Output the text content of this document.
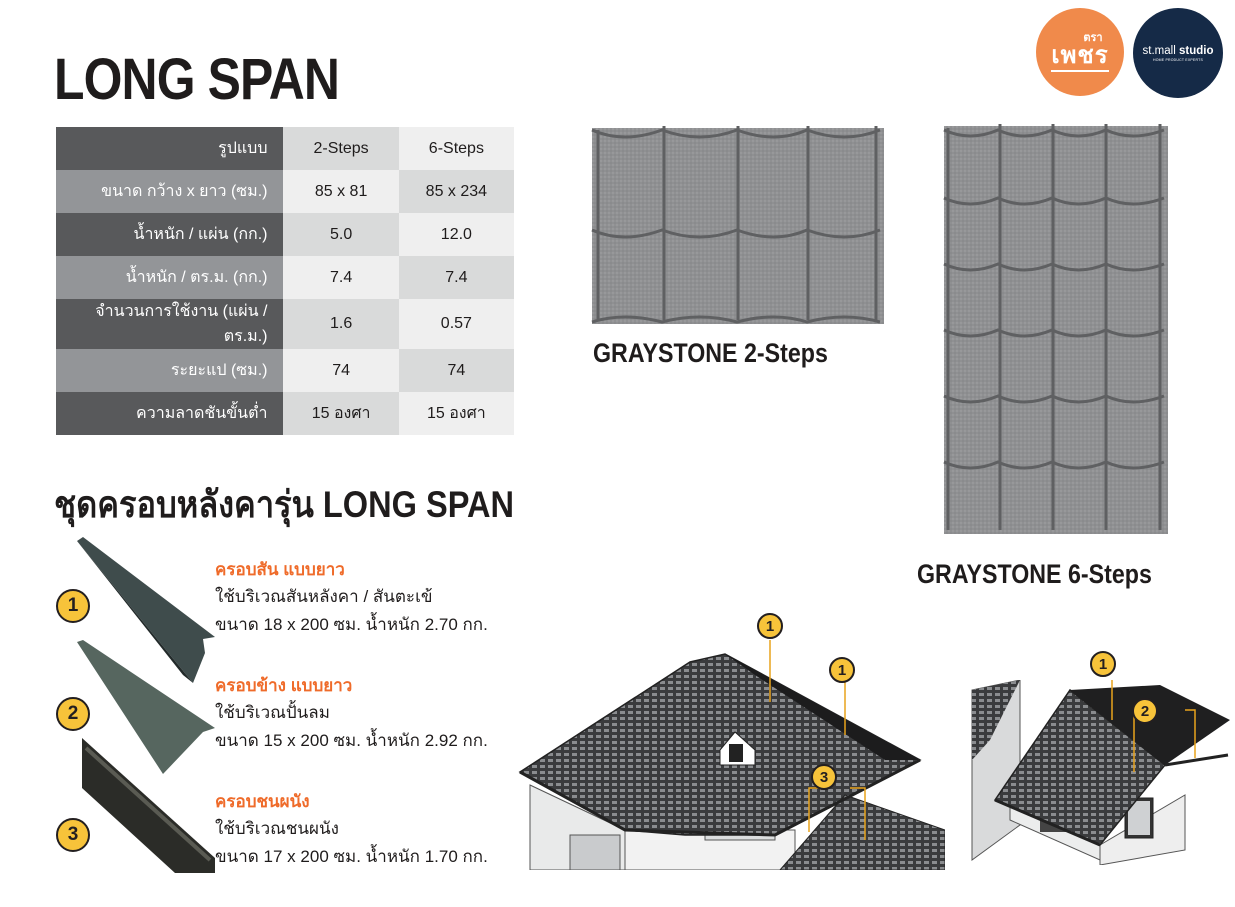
LONG SPAN
ตรา
เพชร	st.mall studio
HOME PRODUCT EXPERTS
รูปแบบ	2-Steps	6-Steps
ขนาด กว้าง x ยาว (ซม.)	85 x 81	85 x 234
น้ำหนัก / แผ่น (กก.)	5.0	12.0
น้ำหนัก / ตร.ม. (กก.)	7.4	7.4
จำนวนการใช้งาน (แผ่น / ตร.ม.)	1.6	0.57
ระยะแป (ซม.)	74	74
ความลาดชันขั้นต่ำ	15 องศา	15 องศา
GRAYSTONE 2-Steps
GRAYSTONE 6-Steps
ชุดครอบหลังคารุ่น LONG SPAN
1
2
3
ครอบสัน แบบยาว
ใช้บริเวณสันหลังคา / สันตะเข้
ขนาด 18 x 200 ซม. น้ำหนัก 2.70 กก.
ครอบข้าง แบบยาว
ใช้บริเวณปั้นลม
ขนาด 15 x 200 ซม. น้ำหนัก 2.92 กก.
ครอบชนผนัง
ใช้บริเวณชนผนัง
ขนาด 17 x 200 ซม. น้ำหนัก 1.70 กก.
1
1
3
1
2
